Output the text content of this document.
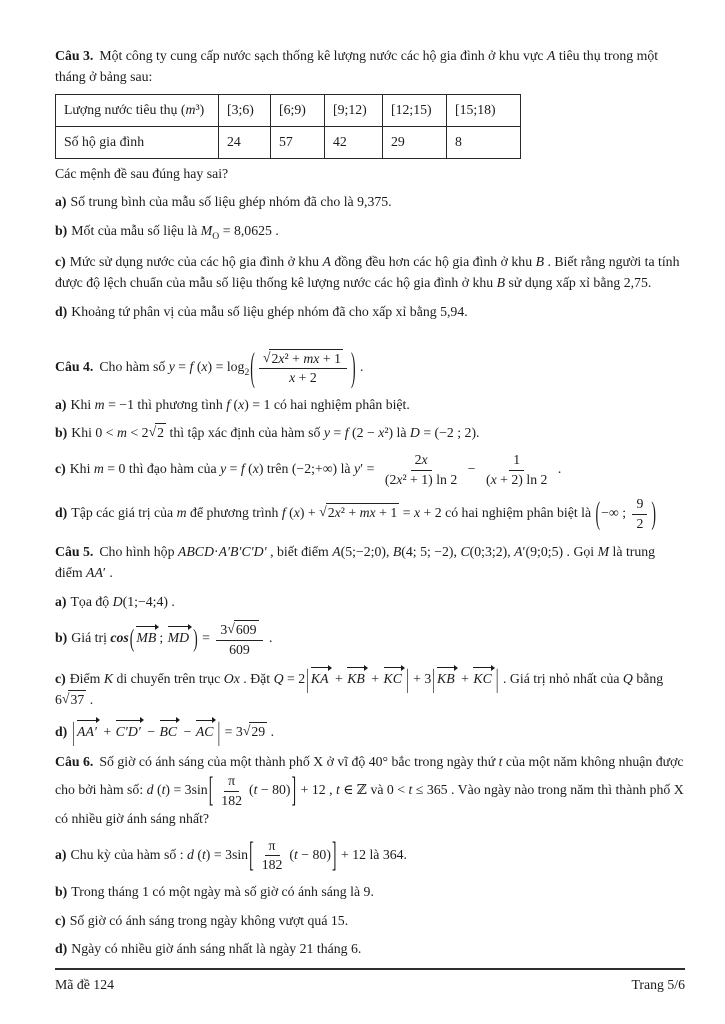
Câu 3. Một công ty cung cấp nước sạch thống kê lượng nước các hộ gia đình ở khu vực A tiêu thụ trong một tháng ở bảng sau:

Lượng nước tiêu thụ (m³)	[3;6)	[6;9)	[9;12)	[12;15)	[15;18)
Số hộ gia đình	24	57	42	29	8

Các mệnh đề sau đúng hay sai?

a) Số trung bình của mẫu số liệu ghép nhóm đã cho là 9,375.

b) Mốt của mẫu số liệu là $M_O = 8,0625$ .

c) Mức sử dụng nước của các hộ gia đình ở khu A đồng đều hơn các hộ gia đình ở khu B . Biết rằng người ta tính được độ lệch chuẩn của mẫu số liệu thống kê lượng nước các hộ gia đình ở khu B sử dụng xấp xỉ bằng 2,75.

d) Khoảng tứ phân vị của mẫu số liệu ghép nhóm đã cho xấp xỉ bằng 5,94.

Câu 4. Cho hàm số y = f $(x) = \log_2( \frac{\text{√2x² + mx + 1}}{x + 2}$ ) .

a) Khi m = −1 thì phương tình f (x) = 1 có hai nghiệm phân biệt.

b) Khi 0 < m < 2√2 thì tập xác định của hàm số y = f (2 − x²) là D = (−2 ; 2).

c) Khi m = 0 thì đạo hàm của y = f (x) trên (−2;+∞) là $y' = \frac{2x}{\text{(2x² + 1) ln 2}} - \frac{1}{(x + 2) \ln 2}$ .

d) Tập các giá trị của m để phương trình f (x) + √2x² + mx + 1 = x + 2 có hai nghiệm phân biệt là (−∞ ; $\frac{9}{2}$ )

Câu 5. Cho hình hộp ABCD·A′B′C′D′ , biết điểm A(5;−2;0), B(4; 5; −2), C(0;3;2), A′(9;0;5) . Gọi M là trung điểm AA′ .

a) Tọa độ D(1;−4;4) .

b) Giá trị cos( MB ; MD ) = $\frac{3√609}{609}$ .

c) Điểm K di chuyển trên trục Ox . Đặt Q = 2| KA + KB + KC | + 3| KB + KC | . Giá trị nhỏ nhất của Q bằng 6√37 .

d) | AA′ + C′D′ − BC − AC | = 3√29 .

Câu 6. Số giờ có ánh sáng của một thành phố X ở vĩ độ 40° bắc trong ngày thứ t của một năm không nhuận được cho bởi hàm số: d $(t) = 3\sin[ \frac{\pi}{182} (t - 80)] + 12$ , t ∈ ℤ và 0 < t ≤ 365 . Vào ngày nào trong năm thì thành phố X có nhiều giờ ánh sáng nhất?

a) Chu kỳ của hàm số : d $(t) = 3\sin[ \frac{\pi}{182} (t - 80)] + 12$ là 364.

b) Trong tháng 1 có một ngày mà số giờ có ánh sáng là 9.

c) Số giờ có ánh sáng trong ngày không vượt quá 15.

d) Ngày có nhiều giờ ánh sáng nhất là ngày 21 tháng 6.

Mã đề 124	Trang 5/6
